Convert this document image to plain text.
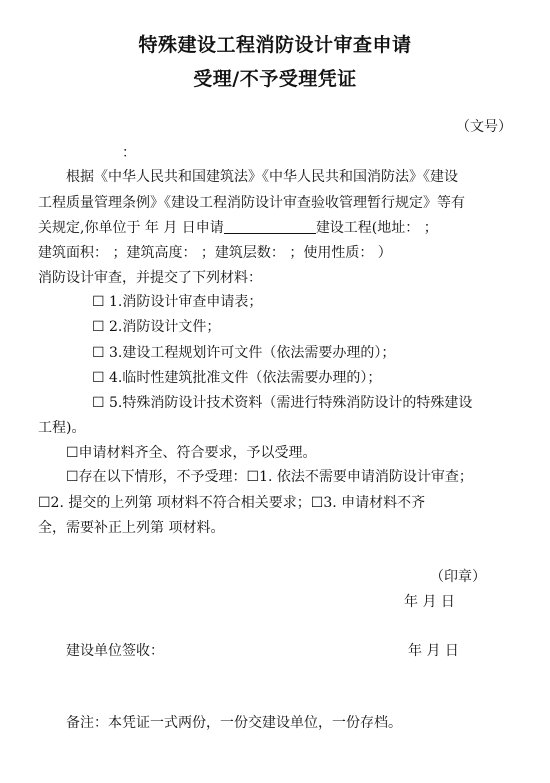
特殊建设工程消防设计审查申请
受理/不予受理凭证
（文号）
：
根据《中华人民共和国建筑法》《中华人民共和国消防法》《建设
工程质量管理条例》《建设工程消防设计审查验收管理暂行规定》等有
关规定,你单位于 年 月 日申请	建设工程(地址： ；
建筑面积： ；建筑高度： ；建筑层数： ；使用性质： ）
消防设计审查，并提交了下列材料：
☐ 1.消防设计审查申请表；
☐ 2.消防设计文件；
☐ 3.建设工程规划许可文件（依法需要办理的）；
☐ 4.临时性建筑批准文件（依法需要办理的）；
☐ 5.特殊消防设计技术资料（需进行特殊消防设计的特殊建设
工程)。
☐申请材料齐全、符合要求，予以受理。
☐存在以下情形，不予受理：☐1. 依法不需要申请消防设计审查；
☐2. 提交的上列第 项材料不符合相关要求；☐3. 申请材料不齐
全，需要补正上列第 项材料。
（印章）
年 月 日
建设单位签收：	年 月 日
备注：本凭证一式两份，一份交建设单位，一份存档。
